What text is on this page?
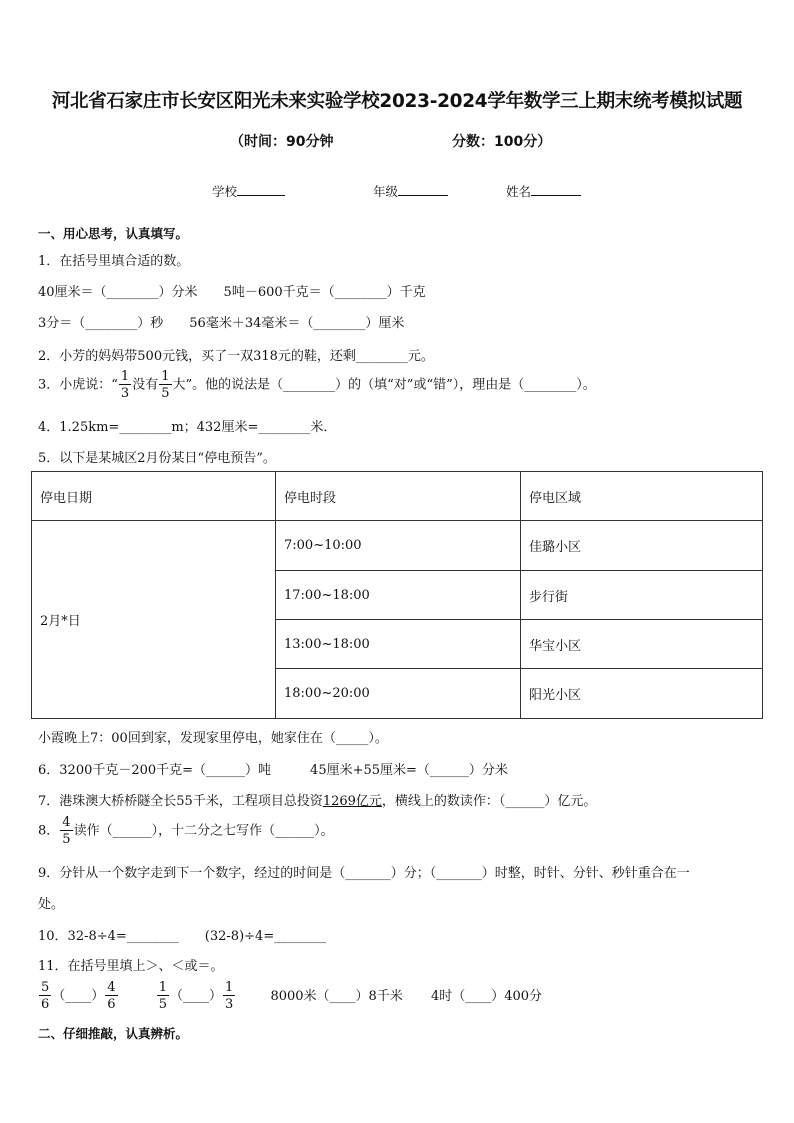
河北省石家庄市长安区阳光未来实验学校2023-2024学年数学三上期末统考模拟试题
（时间：90分钟	分数：100分）
学校	年级	姓名
一、用心思考，认真填写。
1．在括号里填合适的数。
40厘米＝（________）分米　　5吨－600千克＝（________）千克
3分＝（________）秒　　56毫米＋34毫米＝（________）厘米
2．小芳的妈妈带500元钱，买了一双318元的鞋，还剩________元。
3．小虎说：“ $\frac{1}{3}$ 没有 $\frac{1}{5}$ 大”。他的说法是（________）的（填“对”或“错”），理由是（________）。
4．1.25km=________m；432厘米=________米．
5．以下是某城区2月份某日“停电预告”。
停电日期	停电时段	停电区域
2月*日	7:00~10:00	佳璐小区
	17:00~18:00	步行街
	13:00~18:00	华宝小区
	18:00~20:00	阳光小区
小霞晚上7：00回到家，发现家里停电，她家住在（_____）。
6．3200千克－200千克=（______）吨　　　45厘米+55厘米=（______）分米
7．港珠澳大桥桥隧全长55千米，工程项目总投资1269亿元，横线上的数读作：（______）亿元。
8． $\frac{4}{5}$ 读作（______），十二分之七写作（______）。
9．分针从一个数字走到下一个数字，经过的时间是（_______）分；（_______）时整，时针、分针、秒针重合在一
处。
10．32-8÷4=________　　(32-8)÷4=________
11．在括号里填上＞、＜或＝。
$\frac{5}{6}$ （____） $\frac{4}{6}$
	$\frac{1}{5}$ （____） $\frac{1}{3}$	8000米（____）8千米 4时（____）400分
二、仔细推敲，认真辨析。
